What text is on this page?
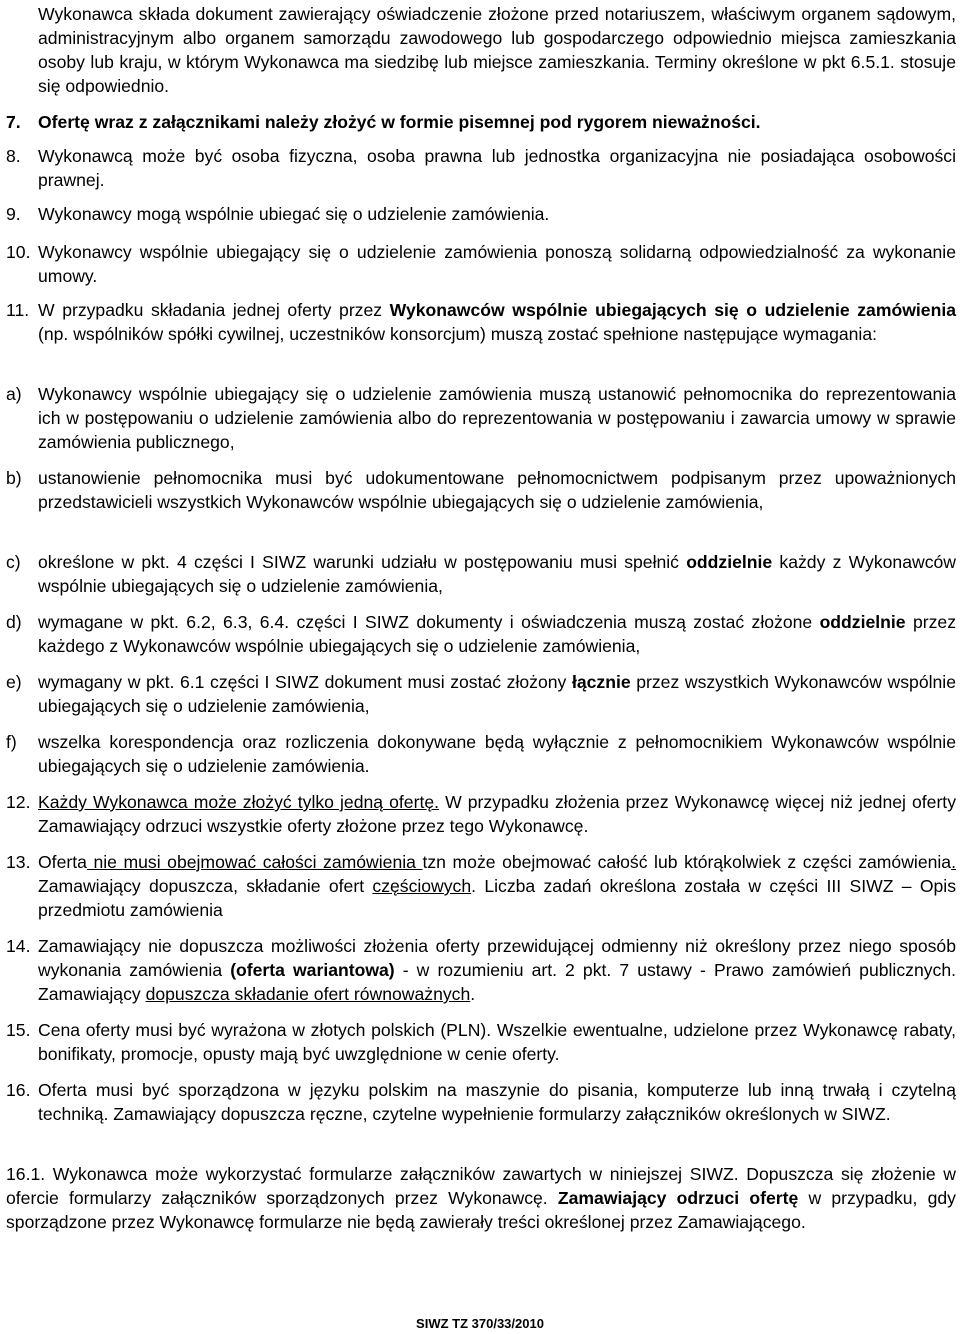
Wykonawca składa dokument zawierający oświadczenie złożone przed notariuszem, właściwym organem sądowym, administracyjnym albo organem samorządu zawodowego lub gospodarczego odpowiednio miejsca zamieszkania osoby lub kraju, w którym Wykonawca ma siedzibę lub miejsce zamieszkania. Terminy określone w pkt 6.5.1. stosuje się odpowiednio.

7. Ofertę wraz z załącznikami należy złożyć w formie pisemnej pod rygorem nieważności.
8. Wykonawcą może być osoba fizyczna, osoba prawna lub jednostka organizacyjna nie posiadająca osobowości prawnej.
9. Wykonawcy mogą wspólnie ubiegać się o udzielenie zamówienia.
10. Wykonawcy wspólnie ubiegający się o udzielenie zamówienia ponoszą solidarną odpowiedzialność za wykonanie umowy.
11. W przypadku składania jednej oferty przez Wykonawców wspólnie ubiegających się o udzielenie zamówienia (np. wspólników spółki cywilnej, uczestników konsorcjum) muszą zostać spełnione następujące wymagania:
a) Wykonawcy wspólnie ubiegający się o udzielenie zamówienia muszą ustanowić pełnomocnika do reprezentowania ich w postępowaniu o udzielenie zamówienia albo do reprezentowania w postępowaniu i zawarcia umowy w sprawie zamówienia publicznego,
b) ustanowienie pełnomocnika musi być udokumentowane pełnomocnictwem podpisanym przez upoważnionych przedstawicieli wszystkich Wykonawców wspólnie ubiegających się o udzielenie zamówienia,
c) określone w pkt. 4 części I SIWZ warunki udziału w postępowaniu musi spełnić oddzielnie każdy z Wykonawców wspólnie ubiegających się o udzielenie zamówienia,
d) wymagane w pkt. 6.2, 6.3, 6.4. części I SIWZ dokumenty i oświadczenia muszą zostać złożone oddzielnie przez każdego z Wykonawców wspólnie ubiegających się o udzielenie zamówienia,
e) wymagany w pkt. 6.1 części I SIWZ dokument musi zostać złożony łącznie przez wszystkich Wykonawców wspólnie ubiegających się o udzielenie zamówienia,
f) wszelka korespondencja oraz rozliczenia dokonywane będą wyłącznie z pełnomocnikiem Wykonawców wspólnie ubiegających się o udzielenie zamówienia.
12. Każdy Wykonawca może złożyć tylko jedną ofertę. W przypadku złożenia przez Wykonawcę więcej niż jednej oferty Zamawiający odrzuci wszystkie oferty złożone przez tego Wykonawcę.
13. Oferta nie musi obejmować całości zamówienia tzn może obejmować całość lub którąkolwiek z części zamówienia. Zamawiający dopuszcza, składanie ofert częściowych. Liczba zadań określona została w części III SIWZ – Opis przedmiotu zamówienia
14. Zamawiający nie dopuszcza możliwości złożenia oferty przewidującej odmienny niż określony przez niego sposób wykonania zamówienia (oferta wariantowa) - w rozumieniu art. 2 pkt. 7 ustawy - Prawo zamówień publicznych. Zamawiający dopuszcza składanie ofert równoważnych.
15. Cena oferty musi być wyrażona w złotych polskich (PLN). Wszelkie ewentualne, udzielone przez Wykonawcę rabaty, bonifikaty, promocje, opusty mają być uwzględnione w cenie oferty.
16. Oferta musi być sporządzona w języku polskim na maszynie do pisania, komputerze lub inną trwałą i czytelną techniką. Zamawiający dopuszcza ręczne, czytelne wypełnienie formularzy załączników określonych w SIWZ.

16.1. Wykonawca może wykorzystać formularze załączników zawartych w niniejszej SIWZ. Dopuszcza się złożenie w ofercie formularzy załączników sporządzonych przez Wykonawcę. Zamawiający odrzuci ofertę w przypadku, gdy sporządzone przez Wykonawcę formularze nie będą zawierały treści określonej przez Zamawiającego.

SIWZ TZ 370/33/2010
